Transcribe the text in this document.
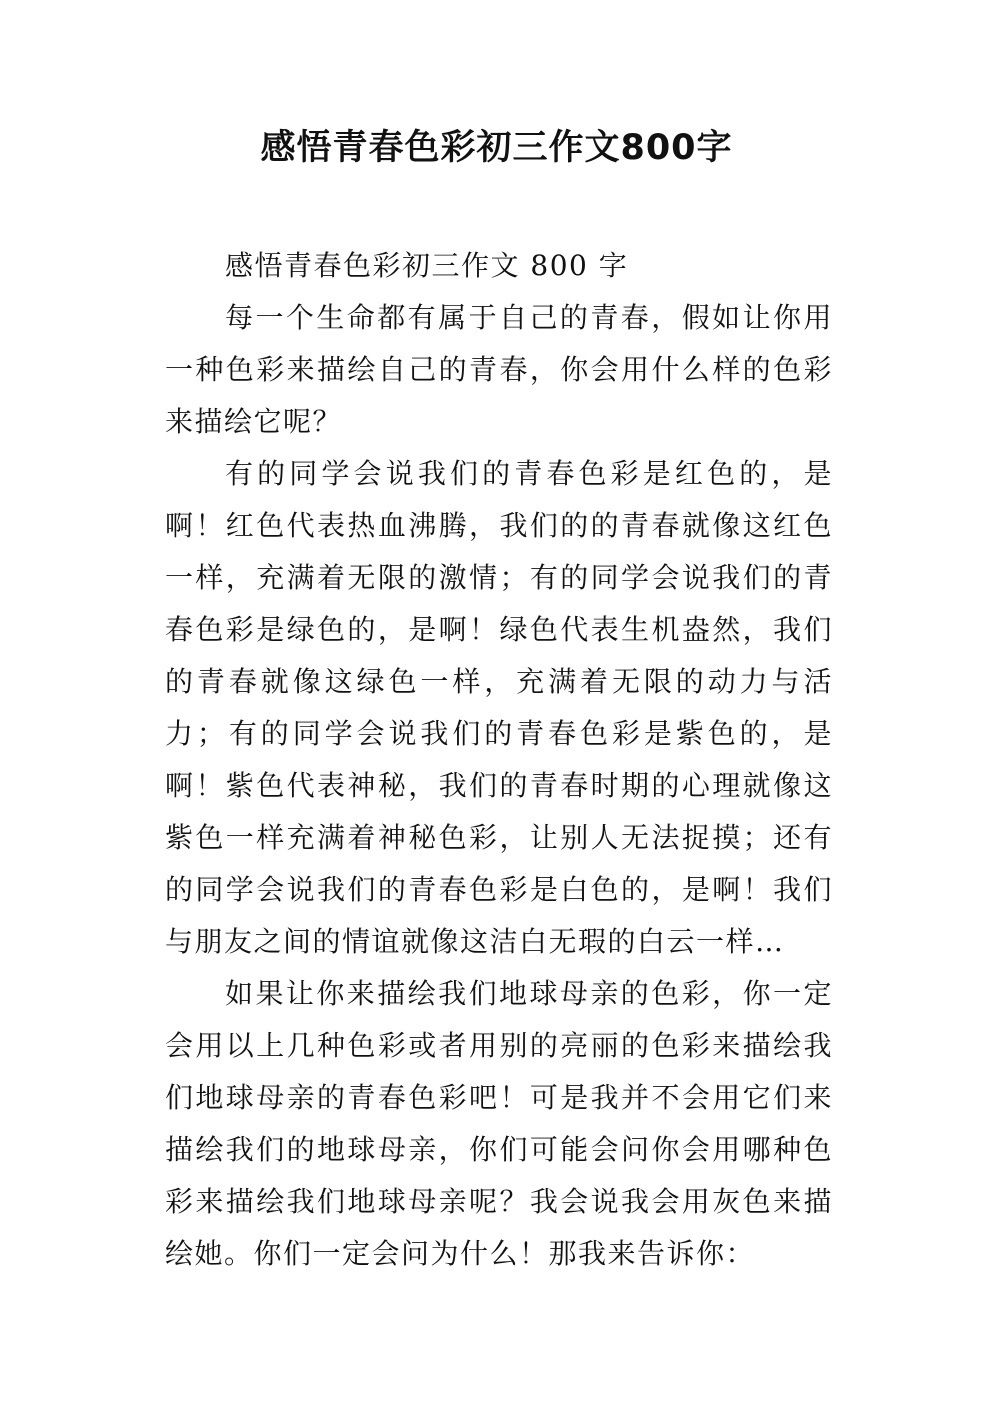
感悟青春色彩初三作文800字

感悟青春色彩初三作文 800 字

每一个生命都有属于自己的青春，假如让你用一种色彩来描绘自己的青春，你会用什么样的色彩来描绘它呢？

有的同学会说我们的青春色彩是红色的，是啊！红色代表热血沸腾，我们的的青春就像这红色一样，充满着无限的激情；有的同学会说我们的青春色彩是绿色的，是啊！绿色代表生机盎然，我们的青春就像这绿色一样，充满着无限的动力与活力；有的同学会说我们的青春色彩是紫色的，是啊！紫色代表神秘，我们的青春时期的心理就像这紫色一样充满着神秘色彩，让别人无法捉摸；还有的同学会说我们的青春色彩是白色的，是啊！我们与朋友之间的情谊就像这洁白无瑕的白云一样…

如果让你来描绘我们地球母亲的色彩，你一定会用以上几种色彩或者用别的亮丽的色彩来描绘我们地球母亲的青春色彩吧！可是我并不会用它们来描绘我们的地球母亲，你们可能会问你会用哪种色彩来描绘我们地球母亲呢？我会说我会用灰色来描绘她。你们一定会问为什么！那我来告诉你：
